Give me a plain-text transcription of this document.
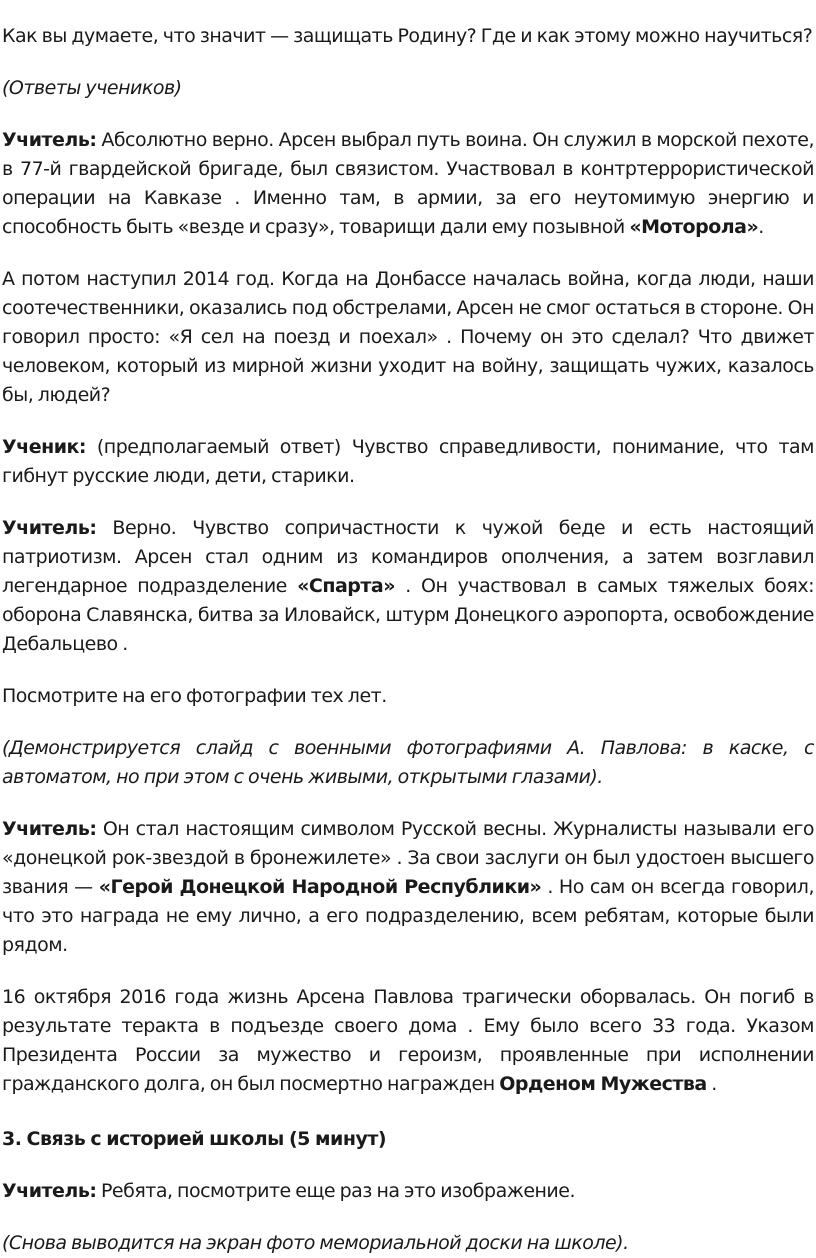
Как вы думаете, что значит — защищать Родину? Где и как этому можно научиться?

(Ответы учеников)

Учитель: Абсолютно верно. Арсен выбрал путь воина. Он служил в морской пехоте, в 77-й гвардейской бригаде, был связистом. Участвовал в контртеррористической операции на Кавказе . Именно там, в армии, за его неутомимую энергию и способность быть «везде и сразу», товарищи дали ему позывной «Моторола».

А потом наступил 2014 год. Когда на Донбассе началась война, когда люди, наши соотечественники, оказались под обстрелами, Арсен не смог остаться в стороне. Он говорил просто: «Я сел на поезд и поехал» . Почему он это сделал? Что движет человеком, который из мирной жизни уходит на войну, защищать чужих, казалось бы, людей?

Ученик: (предполагаемый ответ) Чувство справедливости, понимание, что там гибнут русские люди, дети, старики.

Учитель: Верно. Чувство сопричастности к чужой беде и есть настоящий патриотизм. Арсен стал одним из командиров ополчения, а затем возглавил легендарное подразделение «Спарта» . Он участвовал в самых тяжелых боях: оборона Славянска, битва за Иловайск, штурм Донецкого аэропорта, освобождение Дебальцево .

Посмотрите на его фотографии тех лет.

(Демонстрируется слайд с военными фотографиями А. Павлова: в каске, с автоматом, но при этом с очень живыми, открытыми глазами).

Учитель: Он стал настоящим символом Русской весны. Журналисты называли его «донецкой рок-звездой в бронежилете» . За свои заслуги он был удостоен высшего звания — «Герой Донецкой Народной Республики» . Но сам он всегда говорил, что это награда не ему лично, а его подразделению, всем ребятам, которые были рядом.

16 октября 2016 года жизнь Арсена Павлова трагически оборвалась. Он погиб в результате теракта в подъезде своего дома . Ему было всего 33 года. Указом Президента России за мужество и героизм, проявленные при исполнении гражданского долга, он был посмертно награжден Орденом Мужества .

3. Связь с историей школы (5 минут)

Учитель: Ребята, посмотрите еще раз на это изображение.

(Снова выводится на экран фото мемориальной доски на школе).
